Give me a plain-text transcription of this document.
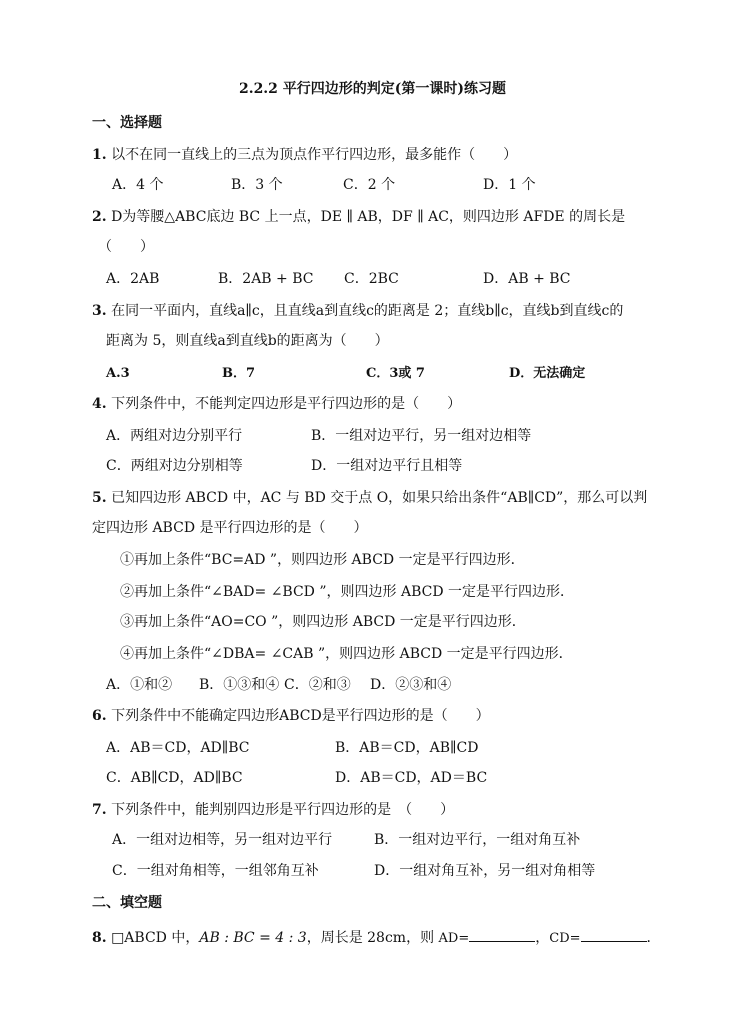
2.2.2 平行四边形的判定(第一课时)练习题
一、选择题
1. 以不在同一直线上的三点为顶点作平行四边形，最多能作（　　）
A．4 个	B．3 个	C．2 个	D．1 个
2. D为等腰△ABC底边 BC 上一点，DE ∥ AB，DF ∥ AC，则四边形 AFDE 的周长是
（　　）
A．2AB	B．2AB + BC C．2BC	D．AB + BC
3. 在同一平面内，直线a∥c，且直线a到直线c的距离是 2；直线b∥c，直线b到直线c的
距离为 5，则直线a到直线b的距离为（　　）
A.3	B．7	C．3或 7	D．无法确定
4. 下列条件中，不能判定四边形是平行四边形的是（　　）
A．两组对边分别平行	B．一组对边平行，另一组对边相等
C．两组对边分别相等	D．一组对边平行且相等
5. 已知四边形 ABCD 中，AC 与 BD 交于点 O，如果只给出条件“AB∥CD”，那么可以判
定四边形 ABCD 是平行四边形的是（　　）
①再加上条件“BC=AD ”，则四边形 ABCD 一定是平行四边形．
②再加上条件“∠BAD= ∠BCD ”，则四边形 ABCD 一定是平行四边形．
③再加上条件“AO=CO ”，则四边形 ABCD 一定是平行四边形．
④再加上条件“∠DBA= ∠CAB ”，则四边形 ABCD 一定是平行四边形．
A．①和② B．①③和④ C．②和③ D．②③和④
6. 下列条件中不能确定四边形ABCD是平行四边形的是（　　）
A．AB＝CD，AD∥BC	B．AB＝CD，AB∥CD
C．AB∥CD，AD∥BC	D．AB＝CD，AD＝BC
7. 下列条件中，能判别四边形是平行四边形的是　（　　）
A．一组对边相等，另一组对边平行	B．一组对边平行，一组对角互补
C．一组对角相等，一组邻角互补	D．一组对角互补，另一组对角相等
二、填空题
8. □ABCD 中，AB : BC = 4 : 3，周长是 28cm，则 AD=	，CD=	．
